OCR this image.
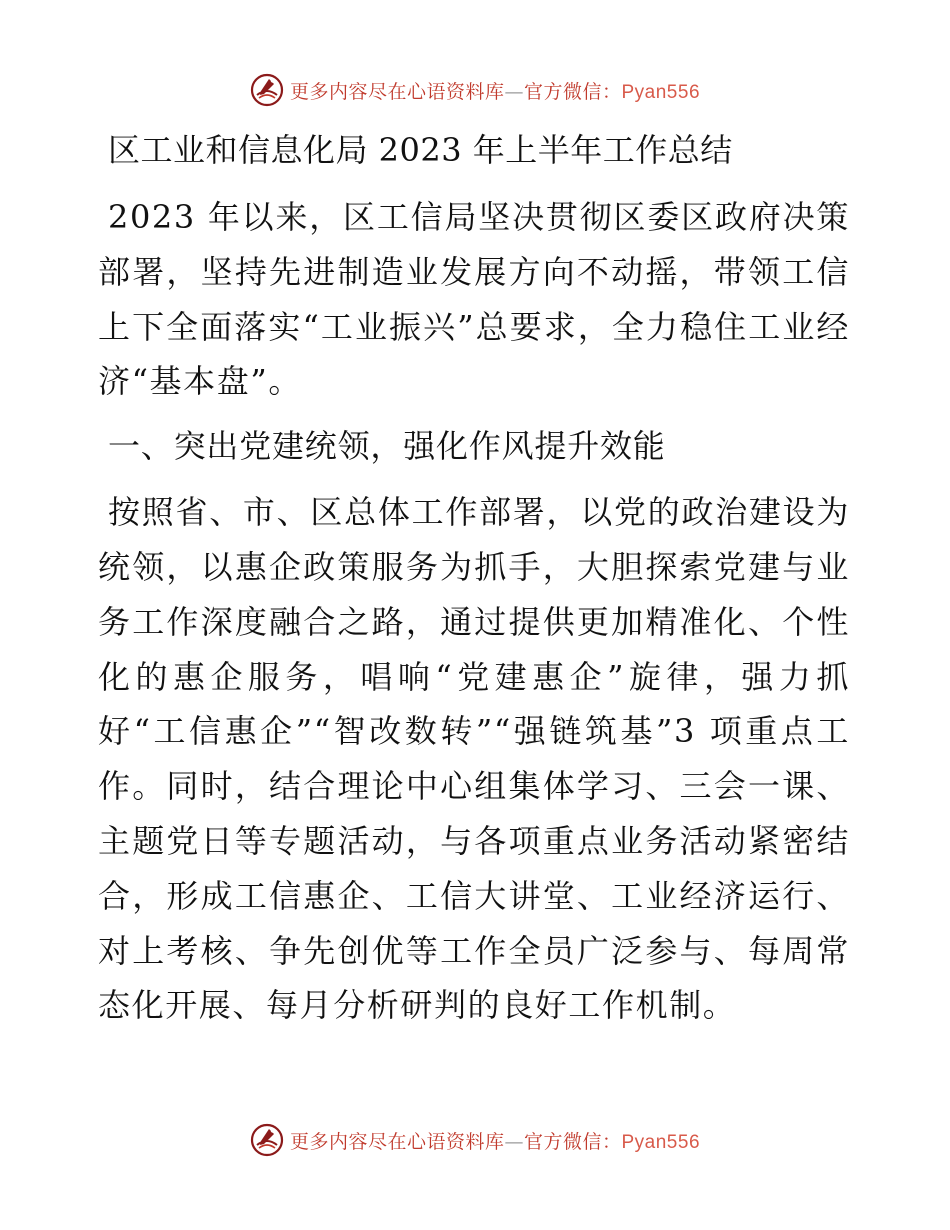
更多内容尽在心语资料库—官方微信：Pyan556
区工业和信息化局 2023 年上半年工作总结

2023 年以来，区工信局坚决贯彻区委区政府决策部署，坚持先进制造业发展方向不动摇，带领工信上下全面落实“工业振兴”总要求，全力稳住工业经济“基本盘”。

一、突出党建统领，强化作风提升效能

按照省、市、区总体工作部署，以党的政治建设为统领，以惠企政策服务为抓手，大胆探索党建与业务工作深度融合之路，通过提供更加精准化、个性化的惠企服务，唱响“党建惠企”旋律，强力抓好“工信惠企”“智改数转”“强链筑基”3 项重点工作。同时，结合理论中心组集体学习、三会一课、主题党日等专题活动，与各项重点业务活动紧密结合，形成工信惠企、工信大讲堂、工业经济运行、对上考核、争先创优等工作全员广泛参与、每周常态化开展、每月分析研判的良好工作机制。

更多内容尽在心语资料库—官方微信：Pyan556
